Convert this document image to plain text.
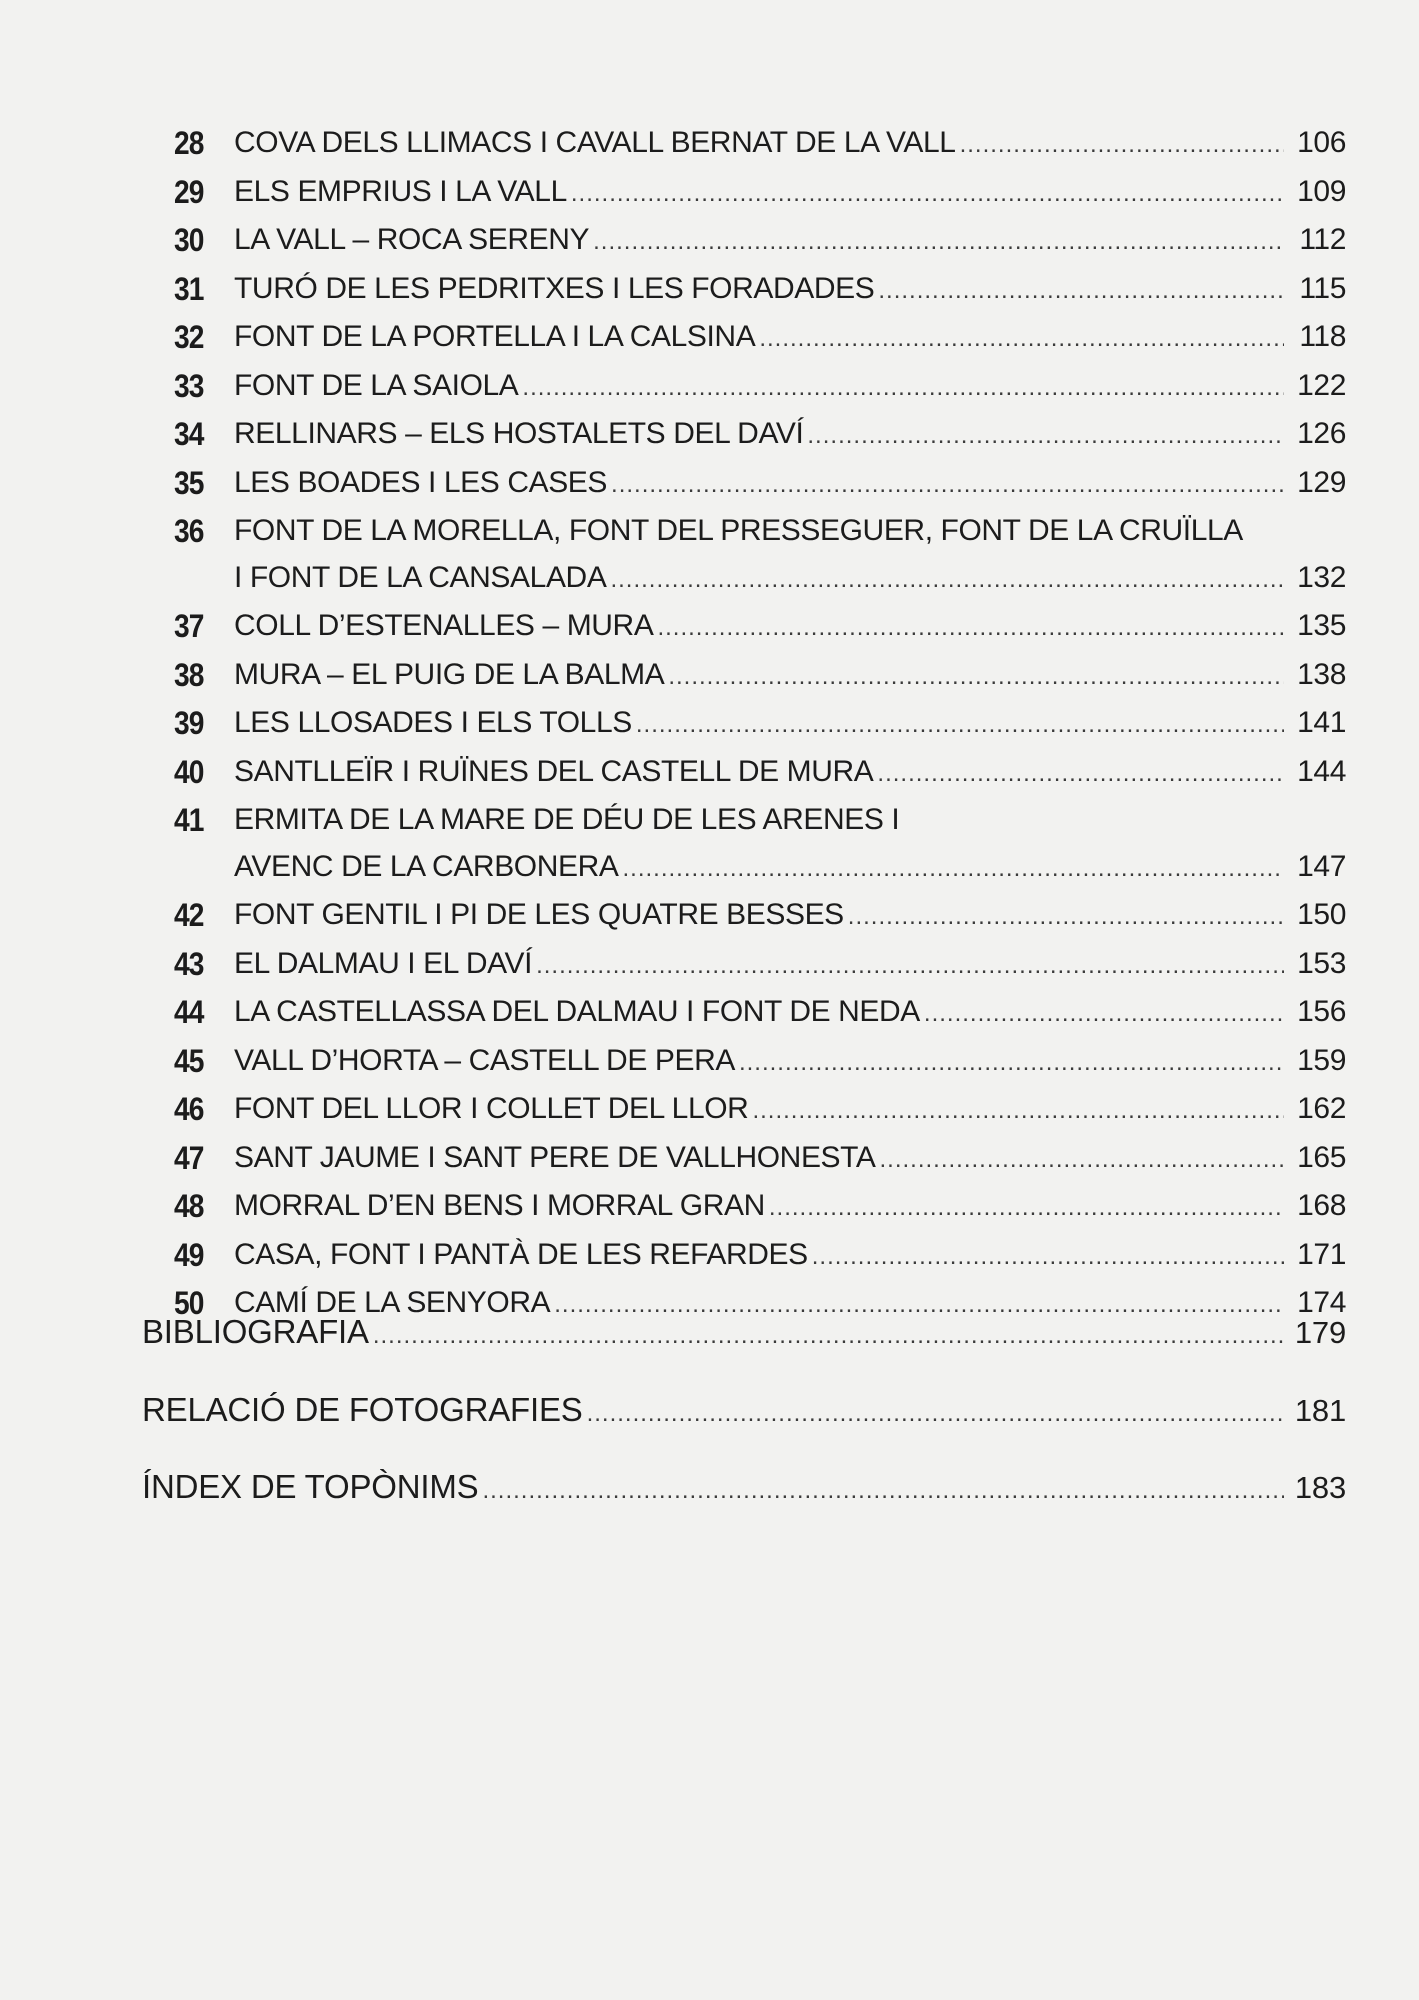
28 COVA DELS LLIMACS I CAVALL BERNAT DE LA VALL .....	106
29 ELS EMPRIUS I LA VALL .....	109
30 LA VALL – ROCA SERENY .....	112
31 TURÓ DE LES PEDRITXES I LES FORADADES .....	115
32 FONT DE LA PORTELLA I LA CALSINA .....	118
33 FONT DE LA SAIOLA .....	122
34 RELLINARS – ELS HOSTALETS DEL DAVÍ .....	126
35 LES BOADES I LES CASES .....	129
36 FONT DE LA MORELLA, FONT DEL PRESSEGUER, FONT DE LA CRUÏLLA
I FONT DE LA CANSALADA .....	132
37 COLL D’ESTENALLES – MURA .....	135
38 MURA – EL PUIG DE LA BALMA .....	138
39 LES LLOSADES I ELS TOLLS .....	141
40 SANTLLEÏR I RUÏNES DEL CASTELL DE MURA .....	144
41 ERMITA DE LA MARE DE DÉU DE LES ARENES I
AVENC DE LA CARBONERA .....	147
42 FONT GENTIL I PI DE LES QUATRE BESSES .....	150
43 EL DALMAU I EL DAVÍ .....	153
44 LA CASTELLASSA DEL DALMAU I FONT DE NEDA .....	156
45 VALL D’HORTA – CASTELL DE PERA .....	159
46 FONT DEL LLOR I COLLET DEL LLOR .....	162
47 SANT JAUME I SANT PERE DE VALLHONESTA .....	165
48 MORRAL D’EN BENS I MORRAL GRAN .....	168
49 CASA, FONT I PANTÀ DE LES REFARDES .....	171
50 CAMÍ DE LA SENYORA .....	174
BIBLIOGRAFIA .....	179
RELACIÓ DE FOTOGRAFIES .....	181
ÍNDEX DE TOPÒNIMS .....	183
